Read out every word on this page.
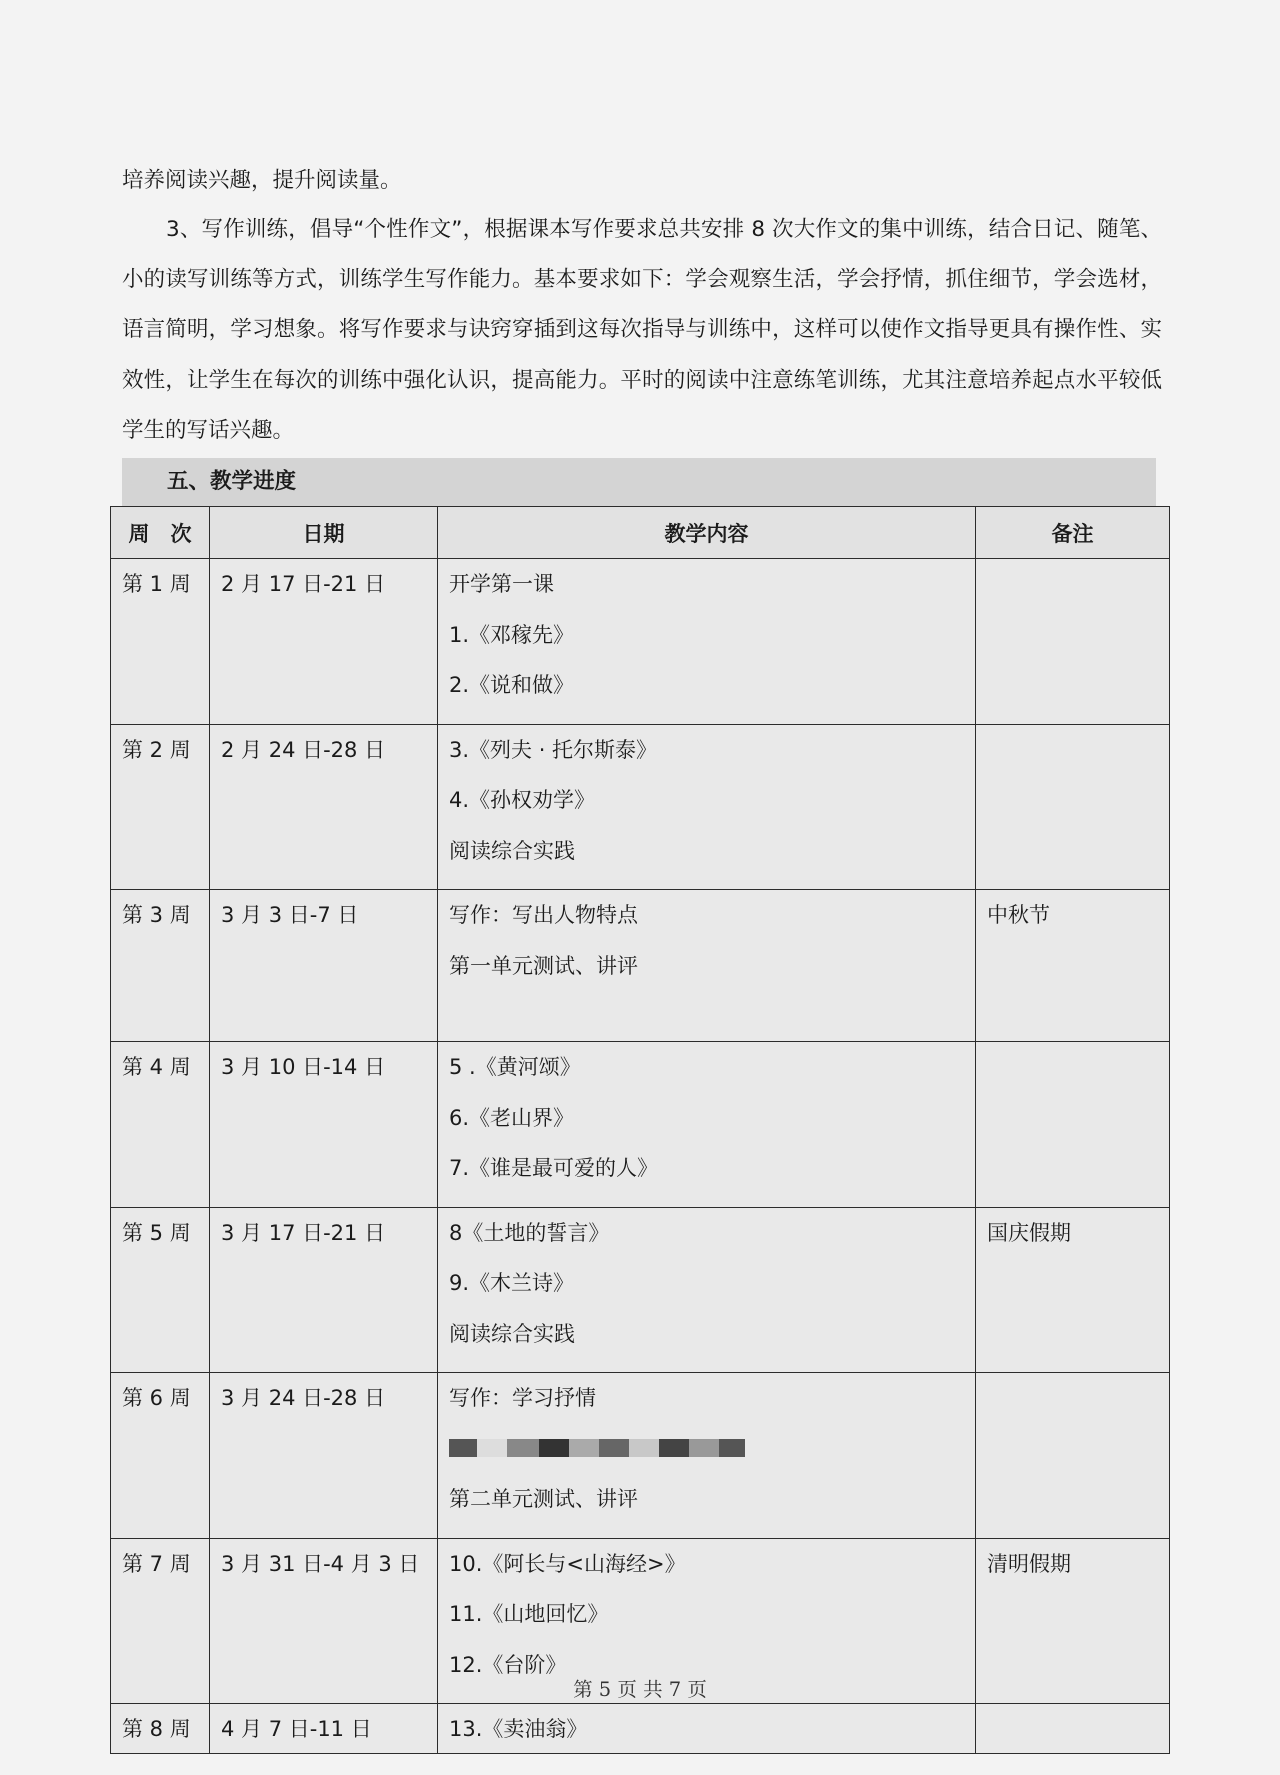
培养阅读兴趣，提升阅读量。

3、写作训练，倡导“个性作文”，根据课本写作要求总共安排 8 次大作文的集中训练，结合日记、随笔、小的读写训练等方式，训练学生写作能力。基本要求如下：学会观察生活，学会抒情，抓住细节，学会选材，语言简明，学习想象。将写作要求与诀窍穿插到这每次指导与训练中，这样可以使作文指导更具有操作性、实效性，让学生在每次的训练中强化认识，提高能力。平时的阅读中注意练笔训练，尤其注意培养起点水平较低学生的写话兴趣。

五、教学进度
周　次	日期	教学内容	备注

第 1 周	2 月 17 日-21 日	开学第一课
1.《邓稼先》
2.《说和做》	

第 2 周	2 月 24 日-28 日	3.《列夫 · 托尔斯泰》
4.《孙权劝学》
阅读综合实践	

第 3 周	3 月 3 日-7 日	写作：写出人物特点
第一单元测试、讲评	中秋节

第 4 周	3 月 10 日-14 日	5 .《黄河颂》
6.《老山界》
7.《谁是最可爱的人》	

第 5 周	3 月 17 日-21 日	8《土地的誓言》
9.《木兰诗》
阅读综合实践	国庆假期

第 6 周	3 月 24 日-28 日	写作：学习抒情
第二单元测试、讲评	

第 7 周	3 月 31 日-4 月 3 日	10.《阿长与<山海经>》
11.《山地回忆》
12.《台阶》	清明假期

第 8 周	4 月 7 日-11 日	13.《卖油翁》	

第 5 页 共 7 页
